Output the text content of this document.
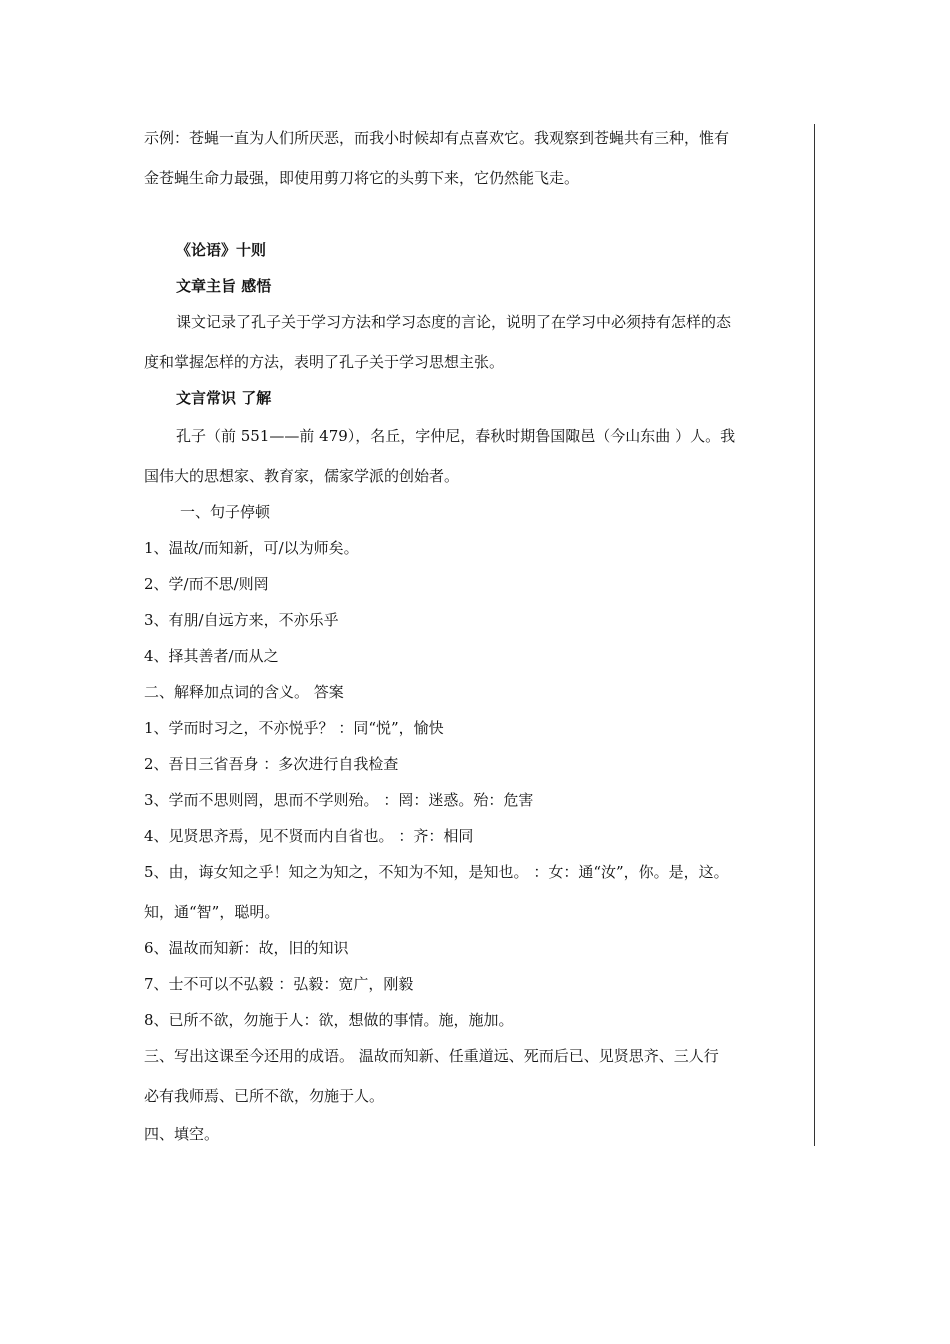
示例：苍蝇一直为人们所厌恶，而我小时候却有点喜欢它。我观察到苍蝇共有三种，惟有
金苍蝇生命力最强，即使用剪刀将它的头剪下来，它仍然能飞走。
《论语》十则
文章主旨 感悟
课文记录了孔子关于学习方法和学习态度的言论，说明了在学习中必须持有怎样的态
度和掌握怎样的方法，表明了孔子关于学习思想主张。
文言常识 了解
孔子（前 551——前 479），名丘，字仲尼，春秋时期鲁国陬邑（今山东曲 ）人。我
国伟大的思想家、教育家，儒家学派的创始者。
一、句子停顿
1、温故/而知新，可/以为师矣。
2、学/而不思/则罔
3、有朋/自远方来，不亦乐乎
4、择其善者/而从之
二、解释加点词的含义。 答案
1、学而时习之，不亦悦乎？ ：同“悦”，愉快
2、吾日三省吾身 ：多次进行自我检查
3、学而不思则罔，思而不学则殆。 ：罔：迷惑。殆：危害
4、见贤思齐焉，见不贤而内自省也。 ：齐：相同
5、由，诲女知之乎！知之为知之，不知为不知，是知也。 ：女：通“汝”，你。是，这。
知，通“智”，聪明。
6、温故而知新：故，旧的知识
7、士不可以不弘毅 ：弘毅：宽广，刚毅
8、已所不欲，勿施于人：欲，想做的事情。施，施加。
三、写出这课至今还用的成语。 温故而知新、任重道远、死而后已、见贤思齐、三人行
必有我师焉、已所不欲，勿施于人。
四、填空。
